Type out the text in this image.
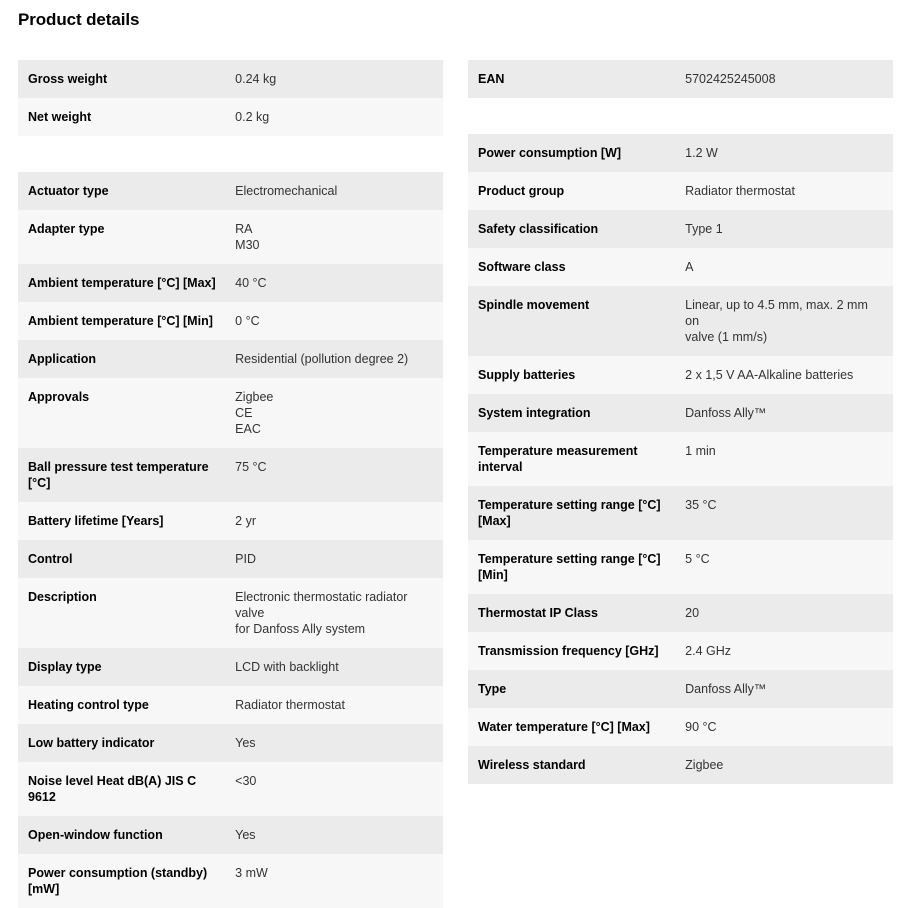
Product details
Gross weight	0.24 kg

Net weight	0.2 kg
Actuator type	Electromechanical

Adapter type	RA
M30

Ambient temperature [°C] [Max]	40 °C

Ambient temperature [°C] [Min]	0 °C

Application	Residential (pollution degree 2)

Approvals	Zigbee
CE
EAC

Ball pressure test temperature [°C]	75 °C

Battery lifetime [Years]	2 yr

Control	PID

Description	Electronic thermostatic radiator valve
for Danfoss Ally system

Display type	LCD with backlight

Heating control type	Radiator thermostat

Low battery indicator	Yes

Noise level Heat dB(A) JIS C 9612	<30

Open-window function	Yes

Power consumption (standby) [mW]	3 mW
EAN	5702425245008
Power consumption [W]	1.2 W

Product group	Radiator thermostat

Safety classification	Type 1

Software class	A

Spindle movement	Linear, up to 4.5 mm, max. 2 mm on
valve (1 mm/s)

Supply batteries	2 x 1,5 V AA-Alkaline batteries

System integration	Danfoss Ally™

Temperature measurement interval	1 min

Temperature setting range [°C] [Max]	35 °C

Temperature setting range [°C] [Min]	5 °C

Thermostat IP Class	20

Transmission frequency [GHz]	2.4 GHz

Type	Danfoss Ally™

Water temperature [°C] [Max]	90 °C

Wireless standard	Zigbee
